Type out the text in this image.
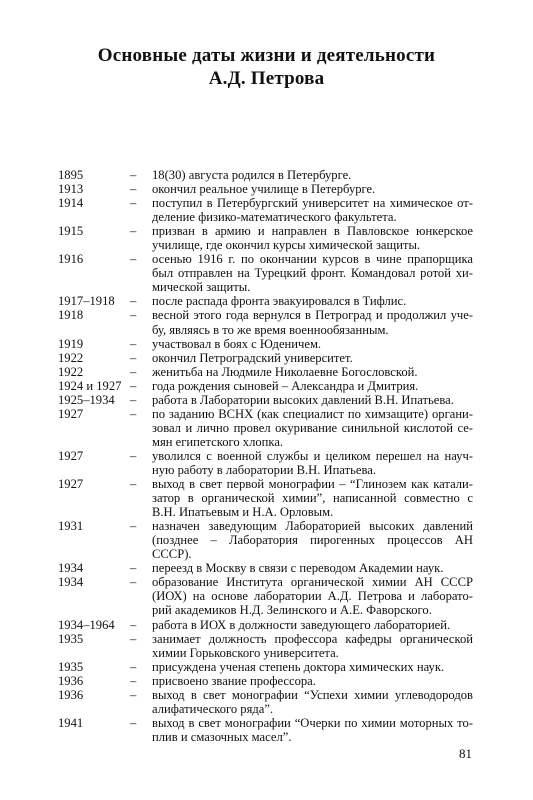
Основные даты жизни и деятельности
А.Д. Петрова
1895	–	18(30) августа родился в Петербурге.
1913	–	окончил реальное училище в Петербурге.
1914	–	поступил в Петербургский университет на химическое от-
деление физико-математического факультета.
1915	–	призван в армию и направлен в Павловское юнкерское
училище, где окончил курсы химической защиты.
1916	–	осенью 1916 г. по окончании курсов в чине прапорщика
был отправлен на Турецкий фронт. Командовал ротой хи-
мической защиты.
1917–1918	–	после распада фронта эвакуировался в Тифлис.
1918	–	весной этого года вернулся в Петроград и продолжил уче-
бу, являясь в то же время военнообязанным.
1919	–	участвовал в боях с Юденичем.
1922	–	окончил Петроградский университет.
1922	–	женитьба на Людмиле Николаевне Богословской.
1924 и 1927 –	года рождения сыновей – Александра и Дмитрия.
1925–1934	–	работа в Лаборатории высоких давлений В.Н. Ипатьева.
1927	–	по заданию ВСНХ (как специалист по химзащите) органи-
зовал и лично провел окуривание синильной кислотой се-
мян египетского хлопка.
1927	–	уволился с военной службы и целиком перешел на науч-
ную работу в лаборатории В.Н. Ипатьева.
1927	–	выход в свет первой монографии – “Глинозем как катали-
затор в органической химии”, написанной совместно с
В.Н. Ипатьевым и Н.А. Орловым.
1931	–	назначен заведующим Лабораторией высоких давлений
(позднее – Лаборатория пирогенных процессов АН
СССР).
1934	–	переезд в Москву в связи с переводом Академии наук.
1934	–	образование Института органической химии АН СССР
(ИОХ) на основе лаборатории А.Д. Петрова и лаборато-
рий академиков Н.Д. Зелинского и А.Е. Фаворского.
1934–1964	–	работа в ИОХ в должности заведующего лабораторией.
1935	–	занимает должность профессора кафедры органической
химии Горьковского университета.
1935	–	присуждена ученая степень доктора химических наук.
1936	–	присвоено звание профессора.
1936	–	выход в свет монографии “Успехи химии углеводородов
алифатического ряда”.
1941	–	выход в свет монографии “Очерки по химии моторных то-
плив и смазочных масел”.
81
